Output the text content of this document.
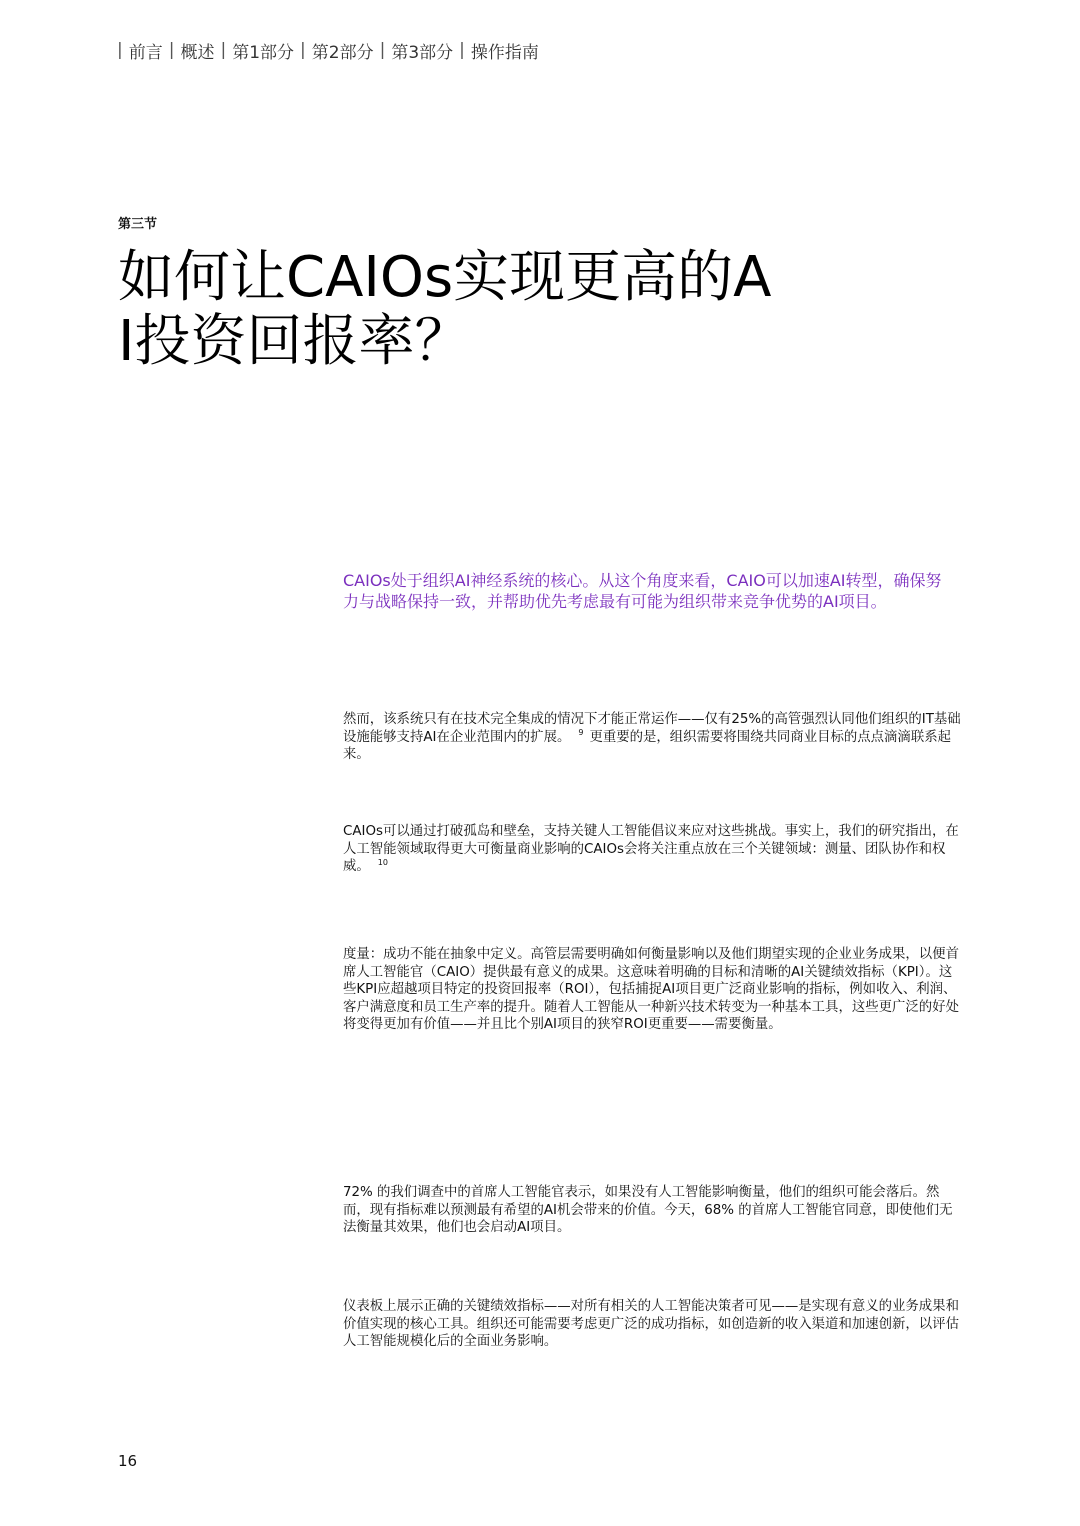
| 前言 | 概述 | 第1部分 | 第2部分 | 第3部分 | 操作指南
第三节
如何让CAIOs实现更高的A
I投资回报率？

CAIOs处于组织AI神经系统的核心。从这个角度来看，CAIO可以加速AI转型，确保努力与战略保持一致，并帮助优先考虑最有可能为组织带来竞争优势的AI项目。

然而，该系统只有在技术完全集成的情况下才能正常运作——仅有25%的高管强烈认同他们组织的IT基础设施能够支持AI在企业范围内的扩展。 $^9$ 更重要的是，组织需要将围绕共同商业目标的点点滴滴联系起来。

CAIOs可以通过打破孤岛和壁垒，支持关键人工智能倡议来应对这些挑战。事实上，我们的研究指出，在人工智能领域取得更大可衡量商业影响的CAIOs会将关注重点放在三个关键领域：测量、团队协作和权威。 $^{10}$

度量：成功不能在抽象中定义。高管层需要明确如何衡量影响以及他们期望实现的企业业务成果，以便首席人工智能官（CAIO）提供最有意义的成果。这意味着明确的目标和清晰的AI关键绩效指标（KPI）。这些KPI应超越项目特定的投资回报率（ROI），包括捕捉AI项目更广泛商业影响的指标，例如收入、利润、客户满意度和员工生产率的提升。随着人工智能从一种新兴技术转变为一种基本工具，这些更广泛的好处将变得更加有价值——并且比个别AI项目的狭窄ROI更重要——需要衡量。

72% 的我们调查中的首席人工智能官表示，如果没有人工智能影响衡量，他们的组织可能会落后。然而，现有指标难以预测最有希望的AI机会带来的价值。今天，68% 的首席人工智能官同意，即使他们无法衡量其效果，他们也会启动AI项目。

仪表板上展示正确的关键绩效指标——对所有相关的人工智能决策者可见——是实现有意义的业务成果和价值实现的核心工具。组织还可能需要考虑更广泛的成功指标，如创造新的收入渠道和加速创新，以评估人工智能规模化后的全面业务影响。

16
